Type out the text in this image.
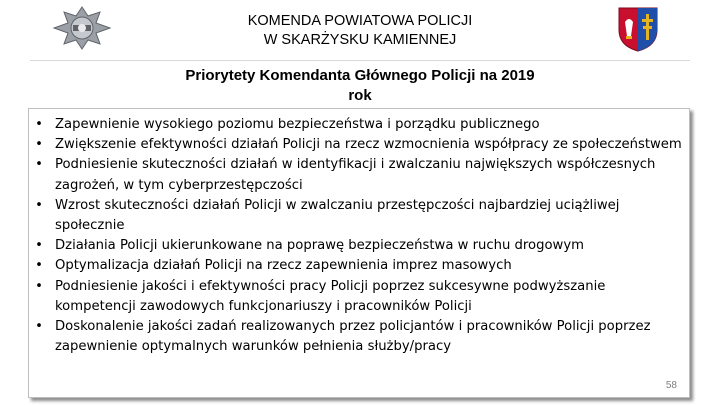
KOMENDA POWIATOWA POLICJI
W SKARŻYSKU KAMIENNEJ
Priorytety Komendanta Głównego Policji na 2019
rok
• Zapewnienie wysokiego poziomu bezpieczeństwa i porządku publicznego
• Zwiększenie efektywności działań Policji na rzecz wzmocnienia współpracy ze społeczeństwem
• Podniesienie skuteczności działań w identyfikacji i zwalczaniu największych współczesnych zagrożeń, w tym cyberprzestępczości
• Wzrost skuteczności działań Policji w zwalczaniu przestępczości najbardziej uciążliwej społecznie
• Działania Policji ukierunkowane na poprawę bezpieczeństwa w ruchu drogowym
• Optymalizacja działań Policji na rzecz zapewnienia imprez masowych
• Podniesienie jakości i efektywności pracy Policji poprzez sukcesywne podwyższanie kompetencji zawodowych funkcjonariuszy i pracowników Policji
• Doskonalenie jakości zadań realizowanych przez policjantów i pracowników Policji poprzez zapewnienie optymalnych warunków pełnienia służby/pracy
58
